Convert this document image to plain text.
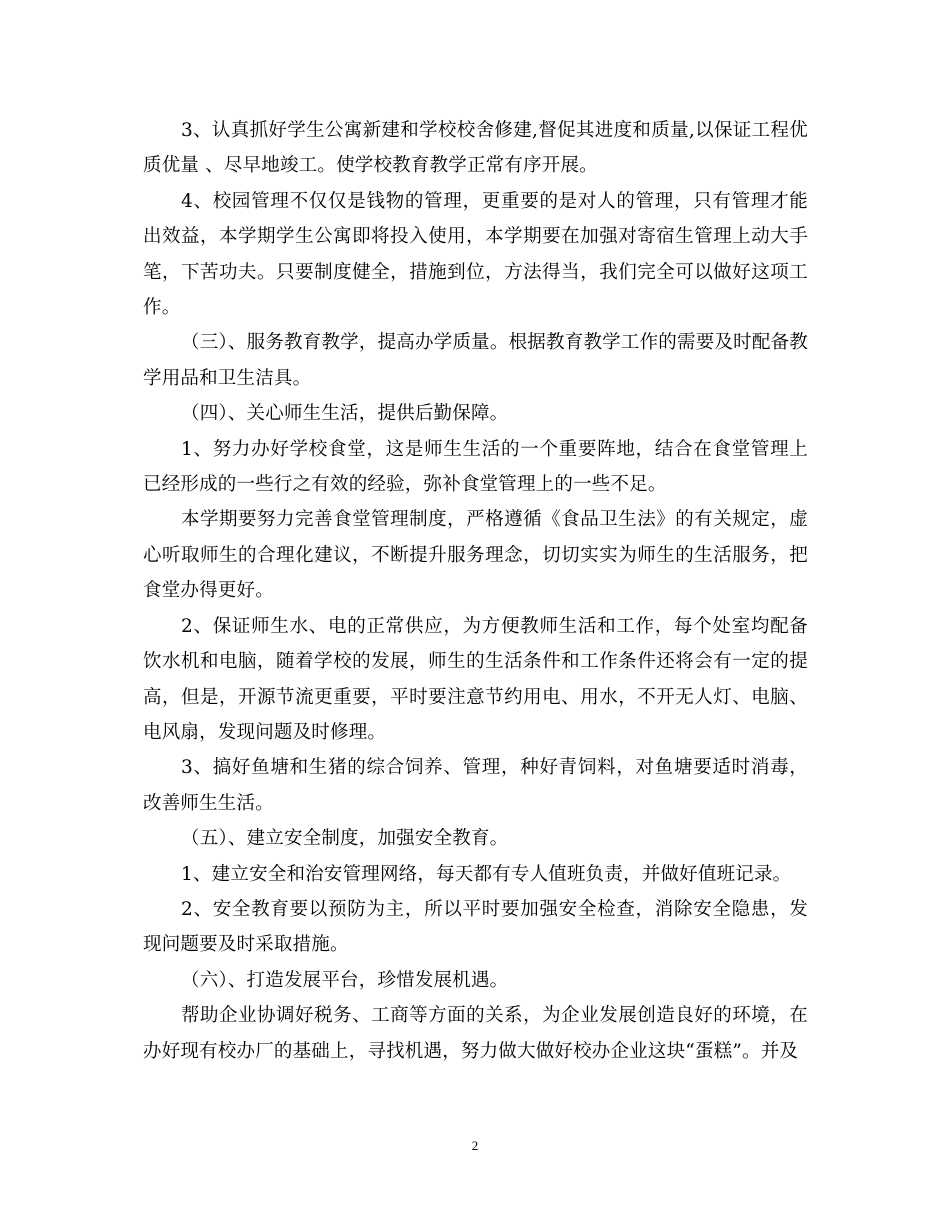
3、认真抓好学生公寓新建和学校校舍修建,督促其进度和质量,以保证工程优质优量 、尽早地竣工。使学校教育教学正常有序开展。

4、校园管理不仅仅是钱物的管理，更重要的是对人的管理，只有管理才能出效益，本学期学生公寓即将投入使用，本学期要在加强对寄宿生管理上动大手笔，下苦功夫。只要制度健全，措施到位，方法得当，我们完全可以做好这项工作。

（三）、服务教育教学，提高办学质量。根据教育教学工作的需要及时配备教学用品和卫生洁具。

（四）、关心师生生活，提供后勤保障。

1、努力办好学校食堂，这是师生生活的一个重要阵地，结合在食堂管理上已经形成的一些行之有效的经验，弥补食堂管理上的一些不足。

本学期要努力完善食堂管理制度，严格遵循《食品卫生法》的有关规定，虚心听取师生的合理化建议，不断提升服务理念，切切实实为师生的生活服务，把食堂办得更好。

2、保证师生水、电的正常供应，为方便教师生活和工作，每个处室均配备饮水机和电脑，随着学校的发展，师生的生活条件和工作条件还将会有一定的提高，但是，开源节流更重要，平时要注意节约用电、用水，不开无人灯、电脑、电风扇，发现问题及时修理。

3、搞好鱼塘和生猪的综合饲养、管理，种好青饲料，对鱼塘要适时消毒，改善师生生活。

（五）、建立安全制度，加强安全教育。

1、建立安全和治安管理网络，每天都有专人值班负责，并做好值班记录。

2、安全教育要以预防为主，所以平时要加强安全检查，消除安全隐患，发现问题要及时采取措施。

（六）、打造发展平台，珍惜发展机遇。

帮助企业协调好税务、工商等方面的关系，为企业发展创造良好的环境，在办好现有校办厂的基础上，寻找机遇，努力做大做好校办企业这块“蛋糕”。并及

2
